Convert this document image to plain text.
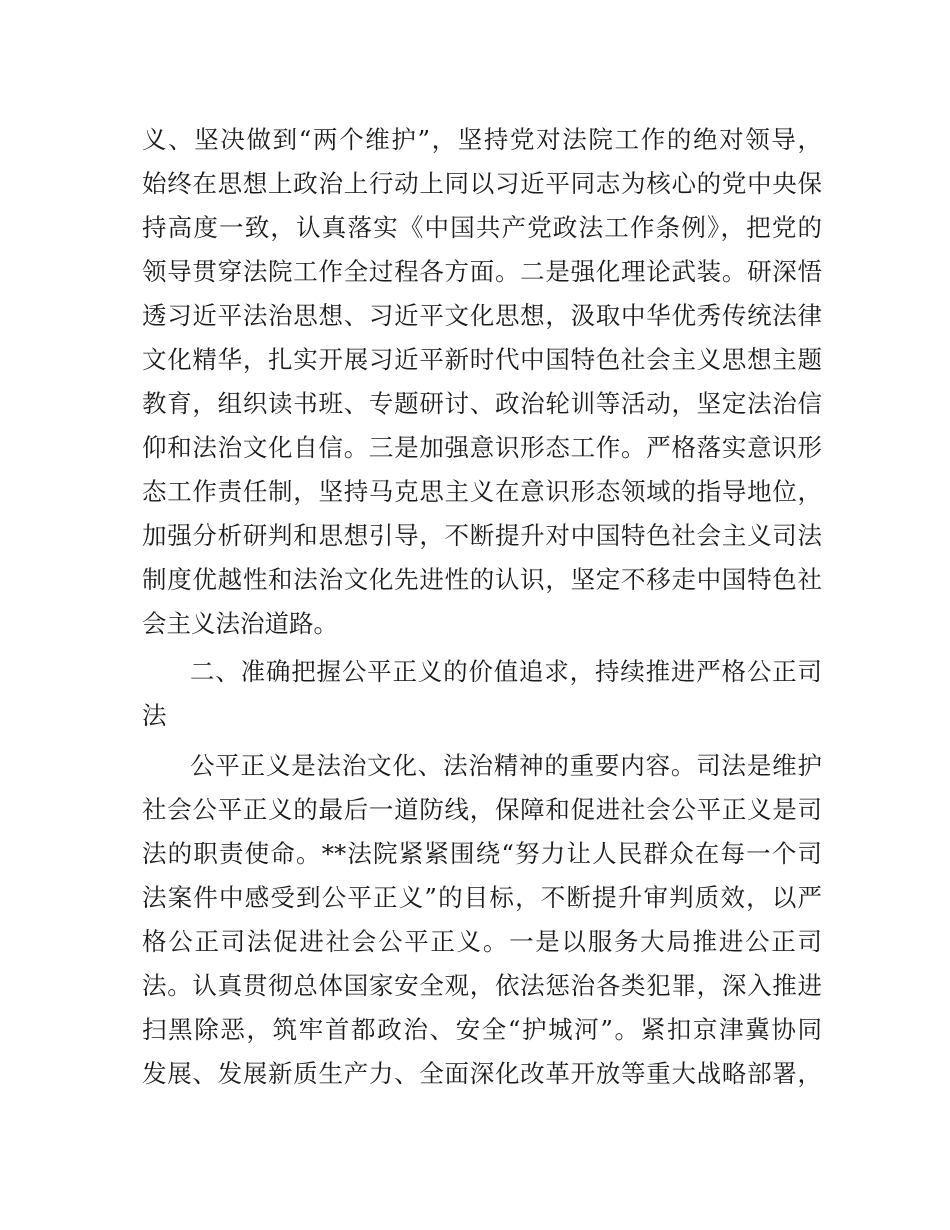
义、坚决做到“两个维护”，坚持党对法院工作的绝对领导，
始终在思想上政治上行动上同以习近平同志为核心的党中央保
持高度一致，认真落实《中国共产党政法工作条例》，把党的
领导贯穿法院工作全过程各方面。二是强化理论武装。研深悟
透习近平法治思想、习近平文化思想，汲取中华优秀传统法律
文化精华，扎实开展习近平新时代中国特色社会主义思想主题
教育，组织读书班、专题研讨、政治轮训等活动，坚定法治信
仰和法治文化自信。三是加强意识形态工作。严格落实意识形
态工作责任制，坚持马克思主义在意识形态领域的指导地位，
加强分析研判和思想引导，不断提升对中国特色社会主义司法
制度优越性和法治文化先进性的认识，坚定不移走中国特色社
会主义法治道路。
二、准确把握公平正义的价值追求，持续推进严格公正司
法
公平正义是法治文化、法治精神的重要内容。司法是维护
社会公平正义的最后一道防线，保障和促进社会公平正义是司
法的职责使命。**法院紧紧围绕“努力让人民群众在每一个司
法案件中感受到公平正义”的目标，不断提升审判质效，以严
格公正司法促进社会公平正义。一是以服务大局推进公正司
法。认真贯彻总体国家安全观，依法惩治各类犯罪，深入推进
扫黑除恶，筑牢首都政治、安全“护城河”。紧扣京津冀协同
发展、发展新质生产力、全面深化改革开放等重大战略部署，
